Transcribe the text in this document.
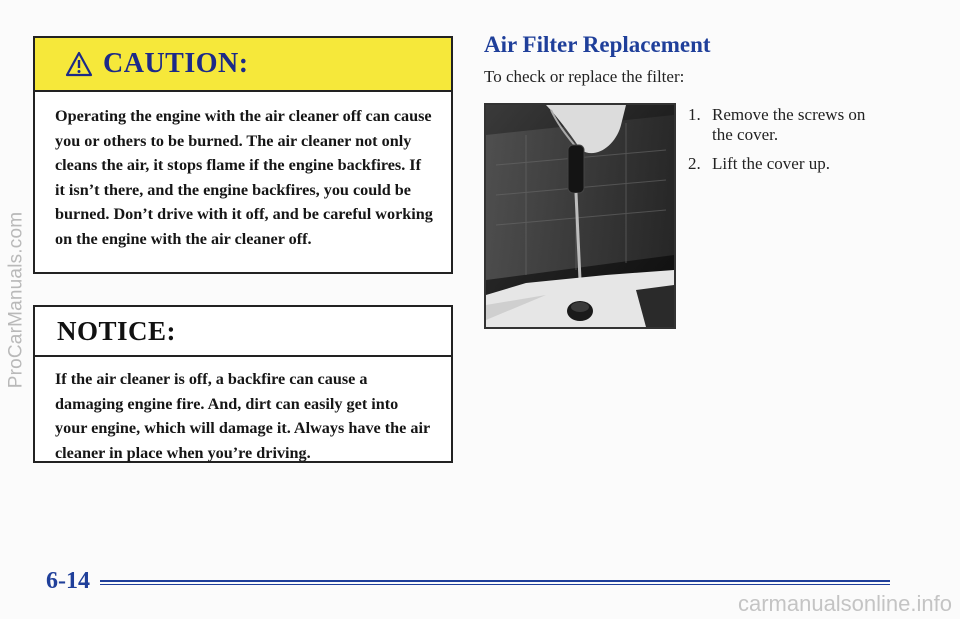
ProCarManuals.com
CAUTION:
Operating the engine with the air cleaner off can cause you or others to be burned. The air cleaner not only cleans the air, it stops flame if the engine backfires. If it isn’t there, and the engine backfires, you could be burned. Don’t drive with it off, and be careful working on the engine with the air cleaner off.
NOTICE:
If the air cleaner is off, a backfire can cause a damaging engine fire. And, dirt can easily get into your engine, which will damage it. Always have the air cleaner in place when you’re driving.
Air Filter Replacement
To check or replace the filter:
1. Remove the screws on the cover.
2. Lift the cover up.
6-14
carmanualsonline.info
